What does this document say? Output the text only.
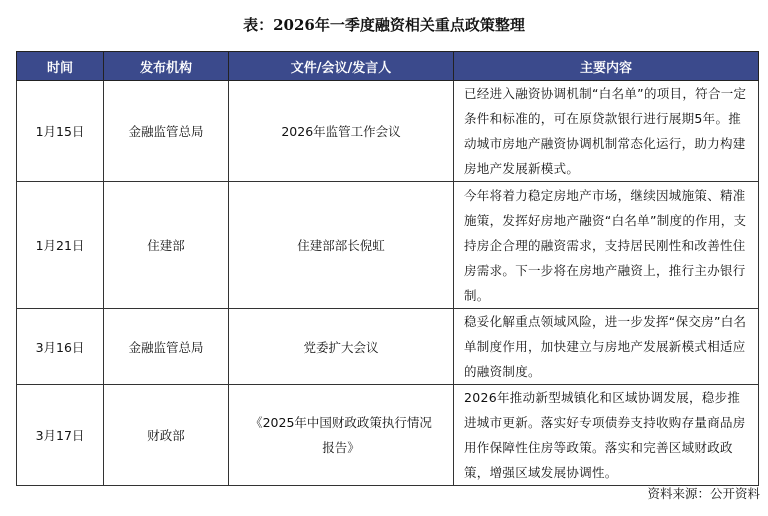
表：2026年一季度融资相关重点政策整理
时间	发布机构	文件/会议/发言人	主要内容
1月15日	金融监管总局	2026年监管工作会议	已经进入融资协调机制“白名单”的项目，符合一定条件和标准的，可在原贷款银行进行展期5年。推动城市房地产融资协调机制常态化运行，助力构建房地产发展新模式。
1月21日	住建部	住建部部长倪虹	今年将着力稳定房地产市场，继续因城施策、精准施策，发挥好房地产融资“白名单”制度的作用，支持房企合理的融资需求，支持居民刚性和改善性住房需求。下一步将在房地产融资上，推行主办银行制。
3月16日	金融监管总局	党委扩大会议	稳妥化解重点领域风险，进一步发挥“保交房”白名单制度作用，加快建立与房地产发展新模式相适应的融资制度。
3月17日	财政部	《2025年中国财政政策执行情况报告》	2026年推动新型城镇化和区域协调发展，稳步推进城市更新。落实好专项债券支持收购存量商品房用作保障性住房等政策。落实和完善区域财政政策，增强区域发展协调性。
资料来源：公开资料
